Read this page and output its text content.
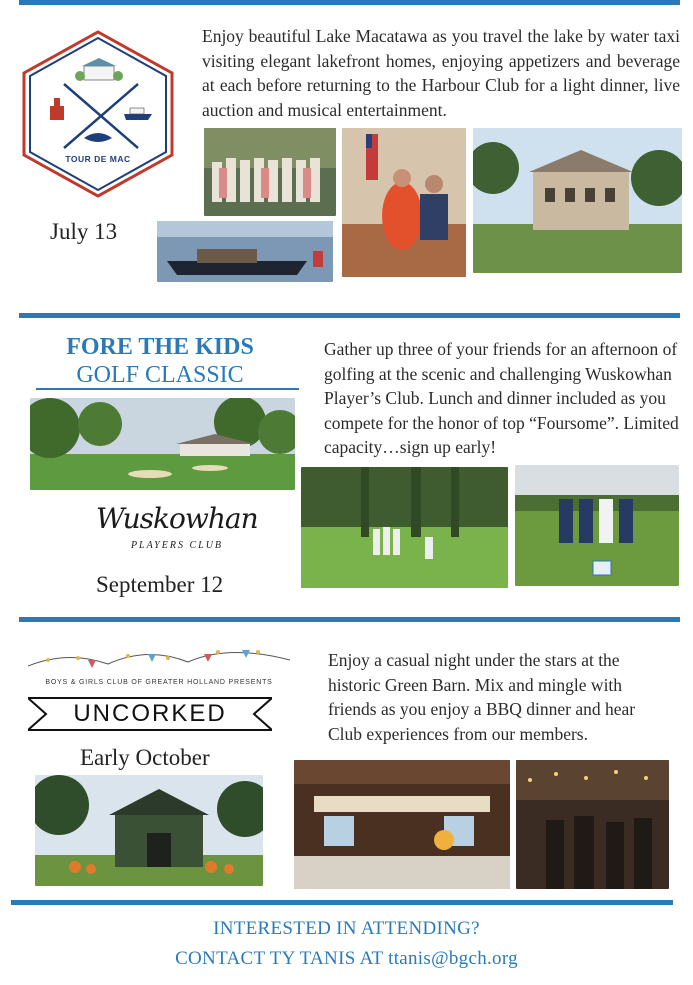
TOUR DE MAC
Enjoy beautiful Lake Macatawa as you travel the lake by water taxi visiting elegant lakefront homes, enjoying appetizers and beverage at each before returning to the Harbour Club for a light dinner, live auction and musical entertainment.
July 13
FORE THE KIDS
GOLF CLASSIC
Wuskowhan
PLAYERS CLUB
September 12
Gather up three of your friends for an afternoon of golfing at the scenic and challenging Wuskowhan Player’s Club. Lunch and dinner included as you compete for the honor of top “Foursome”. Limited capacity…sign up early!
BOYS & GIRLS CLUB OF GREATER HOLLAND PRESENTS
UNCORKED
Early October
Enjoy a casual night under the stars at the historic Green Barn. Mix and mingle with friends as you enjoy a BBQ dinner and hear Club experiences from our members.
INTERESTED IN ATTENDING?
CONTACT TY TANIS AT ttanis@bgch.org
